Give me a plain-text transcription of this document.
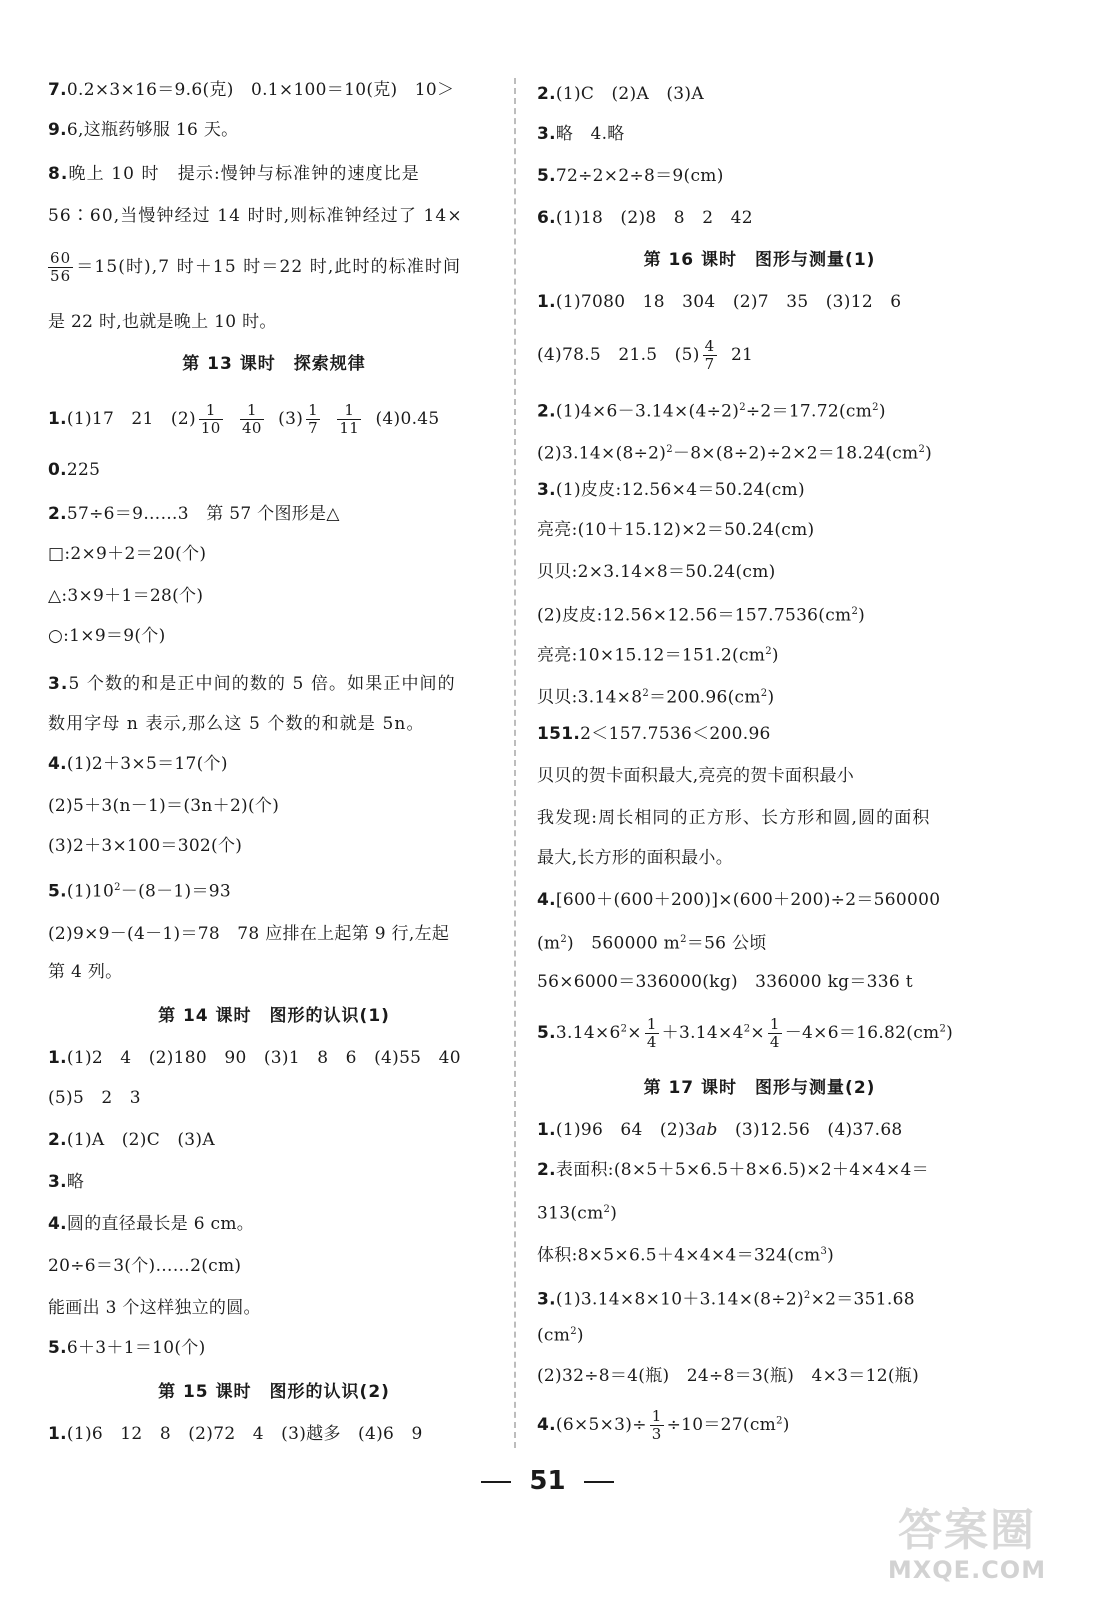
7.0.2×3×16＝9.6(克)　0.1×100＝10(克)　10＞
9.6,这瓶药够服 16 天。
8.晚上 10 时　提示:慢钟与标准钟的速度比是
56∶60,当慢钟经过 14 时时,则标准钟经过了 14×
$\frac{60}{56} =15$(时),7 时＋15 时＝22 时,此时的标准时间
是 22 时,也就是晚上 10 时。
第 13 课时　探索规律
1.(1)17　21　$(2) \frac{1}{10}$
$\frac{1}{40} (3) \frac{1}{7}$
$\frac{1}{11} (4)0.45$
0.225
2.57÷6＝9……3　第 57 个图形是△
□:2×9＋2＝20(个)
△:3×9＋1＝28(个)
○:1×9＝9(个)
3.5 个数的和是正中间的数的 5 倍。如果正中间的
数用字母 n 表示,那么这 5 个数的和就是 5n。
4.(1)2＋3×5＝17(个)
(2)5＋3(n－1)＝(3n＋2)(个)
(3)2＋3×100＝302(个)
$5.(1)10^2-(8-1)=93$
(2)9×9－(4－1)＝78　78 应排在上起第 9 行,左起
第 4 列。
第 14 课时　图形的认识(1)
1.(1)2　4　(2)180　90　(3)1　8　6　(4)55　40
(5)5　2　3
2.(1)A　(2)C　(3)A
3.略
4.圆的直径最长是 6 cm。
20÷6＝3(个)……2(cm)
能画出 3 个这样独立的圆。
5.6＋3＋1＝10(个)
第 15 课时　图形的认识(2)
1.(1)6　12　8　(2)72　4　(3)越多　(4)6　9
2.(1)C　(2)A　(3)A
3.略　4.略
5.72÷2×2÷8＝9(cm)
6.(1)18　(2)8　8　2　42
第 16 课时　图形与测量(1)
1.(1)7080　18　304　(2)7　35　(3)12　6
(4)78.5　21.5　$(5) \frac{4}{7} 21$
$2.(1)4\times 6-3.14\times(4\div 2)^2\div 2=17.72(cm^2)$
$(2)3.14\times(8\div 2)^2-8\times(8\div 2)\div 2\times 2=18.24(cm^2)$
3.(1)皮皮:12.56×4＝50.24(cm)
亮亮:(10＋15.12)×2＝50.24(cm)
贝贝:2×3.14×8＝50.24(cm)
(2)皮皮$:12.56\times 12.56=157.7536(cm^2)$
亮亮$:10\times 15.12=151.2(cm^2)$
贝贝$:3.14\times 8^2=200.96(cm^2)$
151.2＜157.7536＜200.96
贝贝的贺卡面积最大,亮亮的贺卡面积最小
我发现:周长相同的正方形、长方形和圆,圆的面积
最大,长方形的面积最小。
4.[600＋(600＋200)]×(600＋200)÷2＝560000
$(m^2)$　560000 $m^2=56$ 公顷
56×6000＝336000(kg)　336000 kg＝336 t
$5.3.14\times 6^2\times \frac{1}{4} +3.14\times 4^2\times \frac{1}{4} -4\times 6=16.82(cm^2)$
第 17 课时　图形与测量(2)
1.(1)96　64　(2)3ab　(3)12.56　(4)37.68
2.表面积:(8×5＋5×6.5＋8×6.5)×2＋4×4×4＝
$313(cm^2)$
体积$:8\times 5\times 6.5+4\times 4\times 4=324(cm^3)$
$3.(1)3.14\times 8\times 10+3.14\times(8\div 2)^2\times 2=351.68$
$(cm^2)$
(2)32÷8＝4(瓶)　24÷8＝3(瓶)　4×3＝12(瓶)
$4.(6\times 5\times 3)\div \frac{1}{3} \div 10=27(cm^2)$
51
答案圈
MXQE.COM
